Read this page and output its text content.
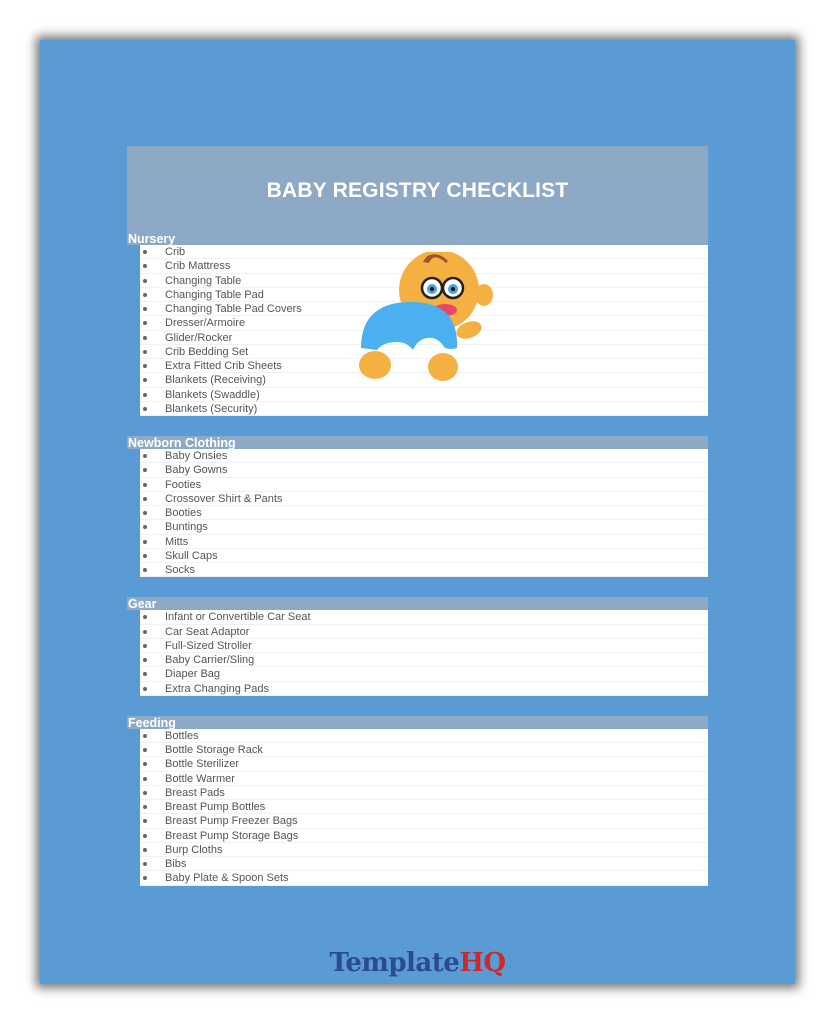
BABY REGISTRY CHECKLIST
Nursery
Crib
Crib Mattress
Changing Table
Changing Table Pad
Changing Table Pad Covers
Dresser/Armoire
Glider/Rocker
Crib Bedding Set
Extra Fitted Crib Sheets
Blankets (Receiving)
Blankets (Swaddle)
Blankets (Security)
Newborn Clothing
Baby Onsies
Baby Gowns
Footies
Crossover Shirt & Pants
Booties
Buntings
Mitts
Skull Caps
Socks
Gear
Infant or Convertible Car Seat
Car Seat Adaptor
Full-Sized Stroller
Baby Carrier/Sling
Diaper Bag
Extra Changing Pads
Feeding
Bottles
Bottle Storage Rack
Bottle Sterilizer
Bottle Warmer
Breast Pads
Breast Pump Bottles
Breast Pump Freezer Bags
Breast Pump Storage Bags
Burp Cloths
Bibs
Baby Plate & Spoon Sets
TemplateHQ
